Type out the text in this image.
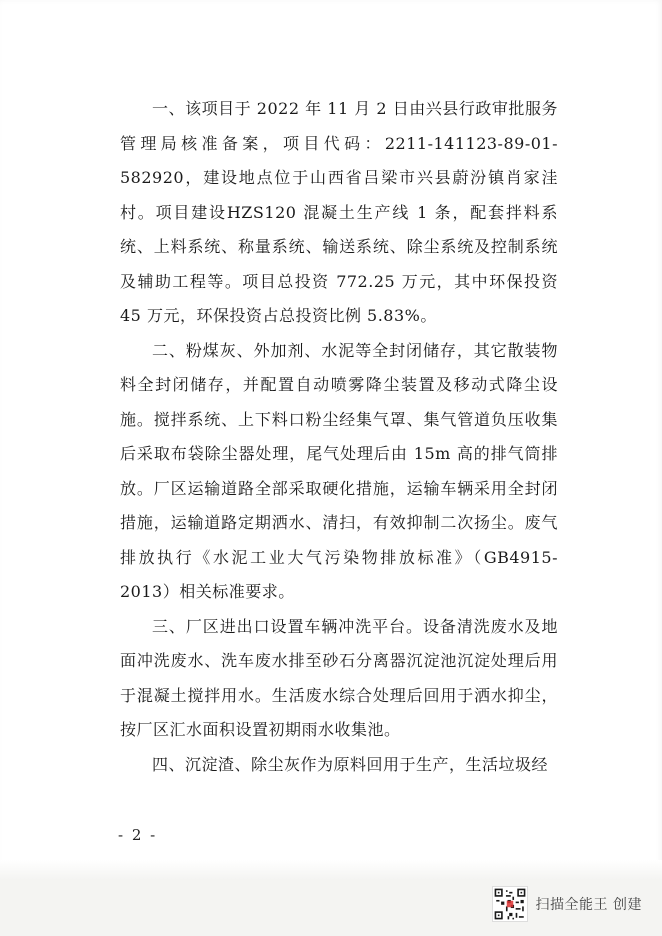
一、该项目于 2022 年 11 月 2 日由兴县行政审批服务管理局核准备案，项目代码：2211-141123-89-01-582920，建设地点位于山西省吕梁市兴县蔚汾镇肖家洼村。项目建设HZS120 混凝土生产线 1 条，配套拌料系统、上料系统、称量系统、输送系统、除尘系统及控制系统及辅助工程等。项目总投资 772.25 万元，其中环保投资 45 万元，环保投资占总投资比例 5.83%。

二、粉煤灰、外加剂、水泥等全封闭储存，其它散装物料全封闭储存，并配置自动喷雾降尘装置及移动式降尘设施。搅拌系统、上下料口粉尘经集气罩、集气管道负压收集后采取布袋除尘器处理，尾气处理后由 15m 高的排气筒排放。厂区运输道路全部采取硬化措施，运输车辆采用全封闭措施，运输道路定期洒水、清扫，有效抑制二次扬尘。废气排放执行《水泥工业大气污染物排放标准》（GB4915-2013）相关标准要求。

三、厂区进出口设置车辆冲洗平台。设备清洗废水及地面冲洗废水、洗车废水排至砂石分离器沉淀池沉淀处理后用于混凝土搅拌用水。生活废水综合处理后回用于洒水抑尘，按厂区汇水面积设置初期雨水收集池。

四、沉淀渣、除尘灰作为原料回用于生产，生活垃圾经

- 2 -
扫描全能王 创建
